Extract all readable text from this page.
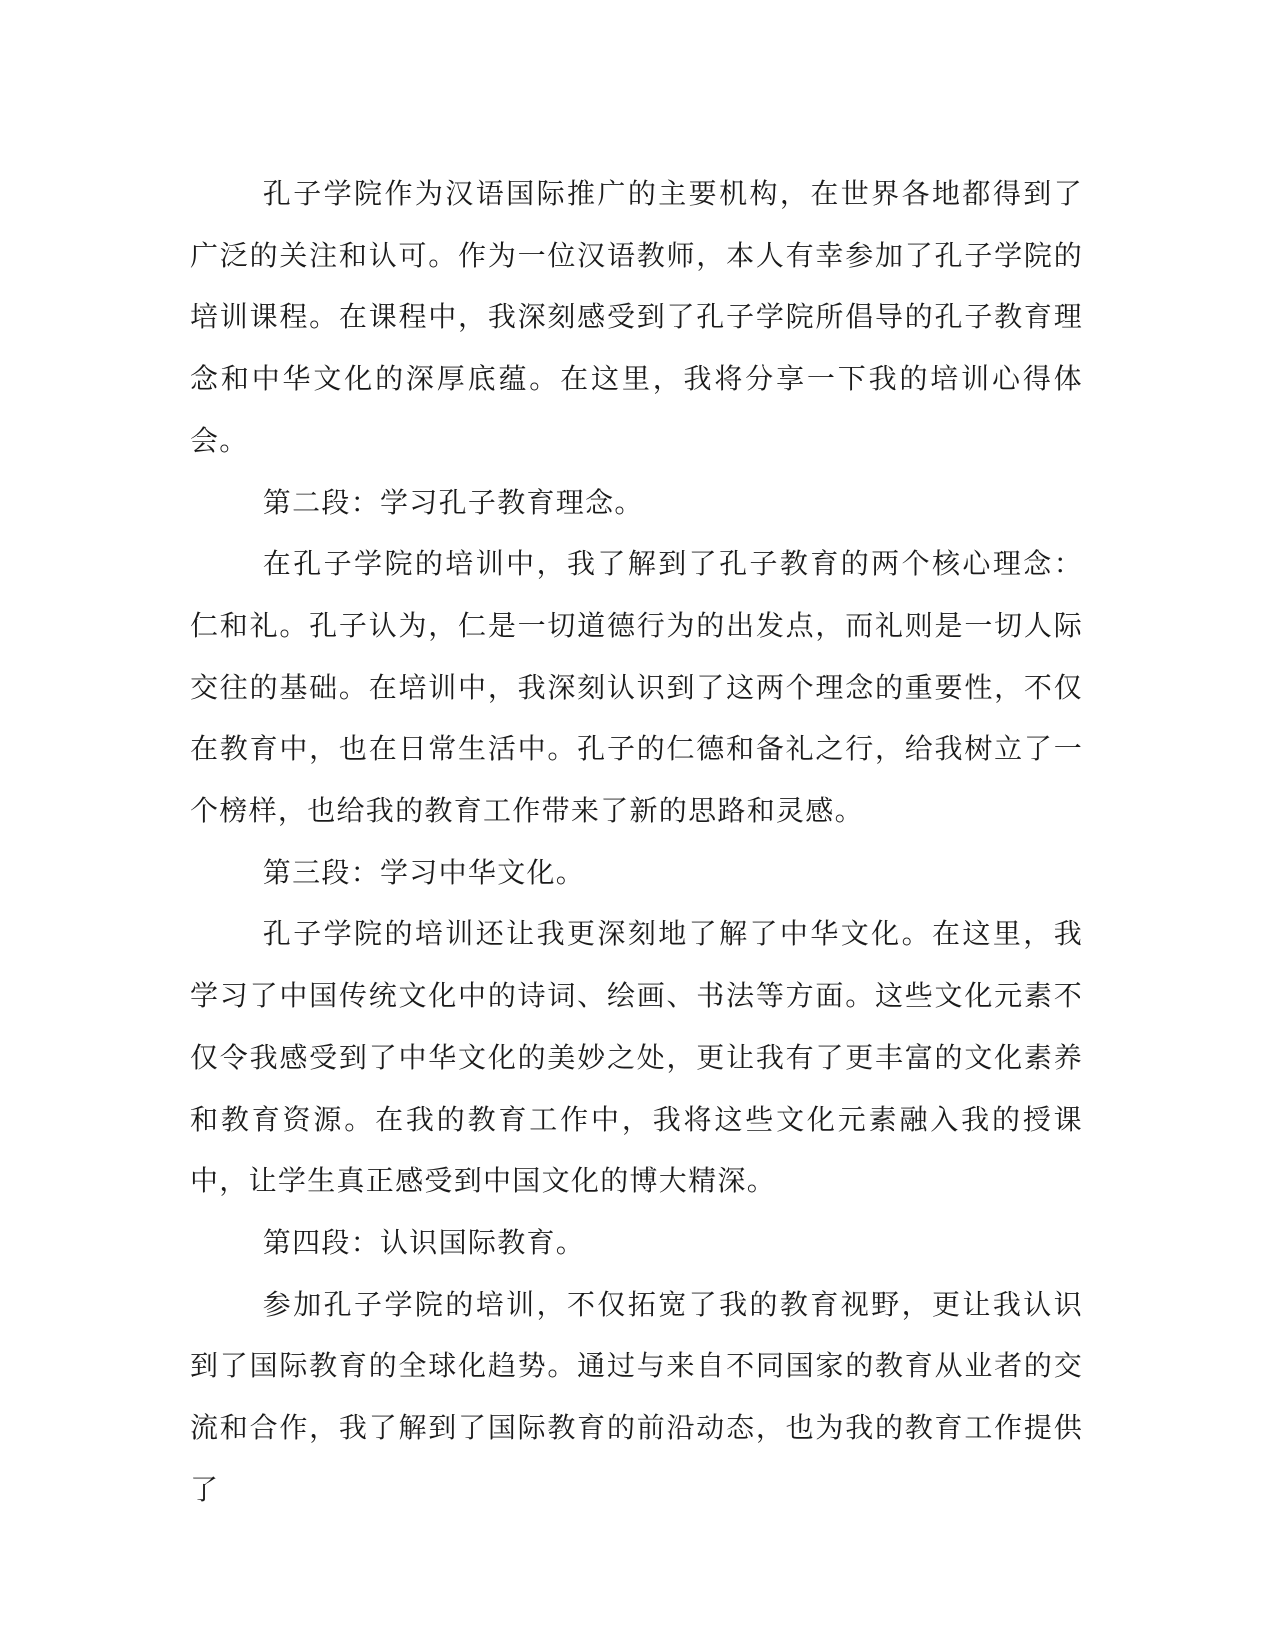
孔子学院作为汉语国际推广的主要机构，在世界各地都得到了广泛的关注和认可。作为一位汉语教师，本人有幸参加了孔子学院的培训课程。在课程中，我深刻感受到了孔子学院所倡导的孔子教育理念和中华文化的深厚底蕴。在这里，我将分享一下我的培训心得体会。

第二段：学习孔子教育理念。

在孔子学院的培训中，我了解到了孔子教育的两个核心理念：仁和礼。孔子认为，仁是一切道德行为的出发点，而礼则是一切人际交往的基础。在培训中，我深刻认识到了这两个理念的重要性，不仅在教育中，也在日常生活中。孔子的仁德和备礼之行，给我树立了一个榜样，也给我的教育工作带来了新的思路和灵感。

第三段：学习中华文化。

孔子学院的培训还让我更深刻地了解了中华文化。在这里，我学习了中国传统文化中的诗词、绘画、书法等方面。这些文化元素不仅令我感受到了中华文化的美妙之处，更让我有了更丰富的文化素养和教育资源。在我的教育工作中，我将这些文化元素融入我的授课中，让学生真正感受到中国文化的博大精深。

第四段：认识国际教育。

参加孔子学院的培训，不仅拓宽了我的教育视野，更让我认识到了国际教育的全球化趋势。通过与来自不同国家的教育从业者的交流和合作，我了解到了国际教育的前沿动态，也为我的教育工作提供了
